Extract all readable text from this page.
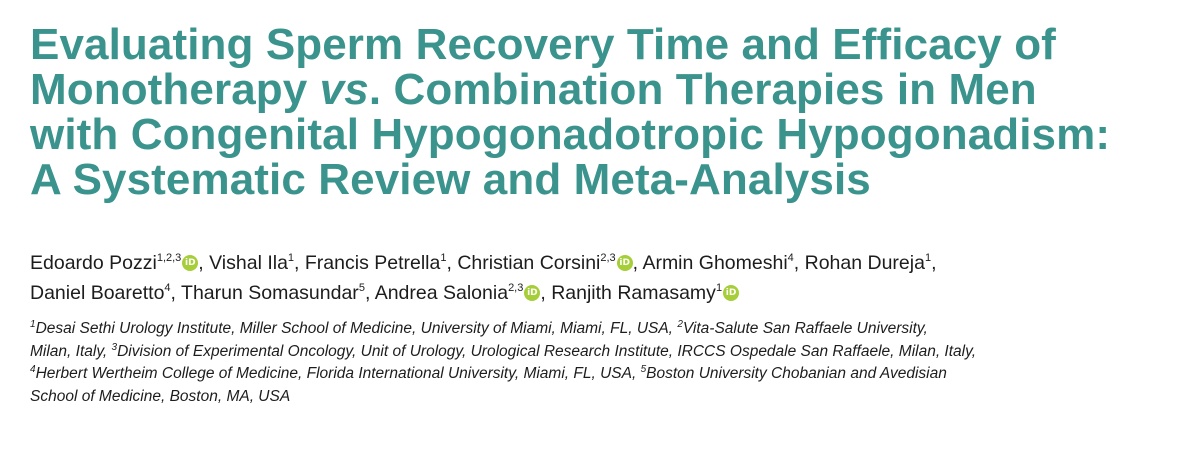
Evaluating Sperm Recovery Time and Efficacy of
Monotherapy vs. Combination Therapies in Men
with Congenital Hypogonadotropic Hypogonadism:
A Systematic Review and Meta-Analysis
Edoardo Pozzi$^{1,2,3}$ iD , Vishal Ila$^1$, Francis Petrella$^1$, Christian Corsini$^{2,3}$ iD , Armin Ghomeshi$^4$, Rohan Dureja$^1$,
Daniel Boaretto$^4$, Tharun Somasundar$^5$, Andrea Salonia$^{2,3}$ iD , Ranjith Ramasamy$^1$ iD
$^1$Desai Sethi Urology Institute, Miller School of Medicine, University of Miami, Miami, FL, USA, $^2$Vita-Salute San Raffaele University,
Milan, Italy, $^3$Division of Experimental Oncology, Unit of Urology, Urological Research Institute, IRCCS Ospedale San Raffaele, Milan, Italy,
$^4$Herbert Wertheim College of Medicine, Florida International University, Miami, FL, USA, $^5$Boston University Chobanian and Avedisian
School of Medicine, Boston, MA, USA
